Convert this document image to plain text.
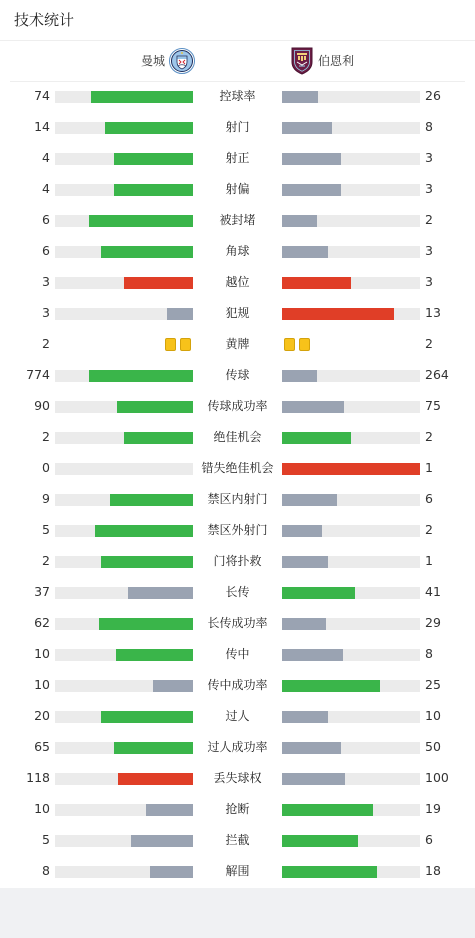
技术统计
曼城	伯恩利
74	控球率	26
14	射门	8
4	射正	3
4	射偏	3
6	被封堵	2
6	角球	3
3	越位	3
3	犯规	13
2	黄牌	2
774	传球	264
90	传球成功率	75
2	绝佳机会	2
0	错失绝佳机会	1
9	禁区内射门	6
5	禁区外射门	2
2	门将扑救	1
37	长传	41
62	长传成功率	29
10	传中	8
10	传中成功率	25
20	过人	10
65	过人成功率	50
118	丢失球权	100
10	抢断	19
5	拦截	6
8	解围	18
